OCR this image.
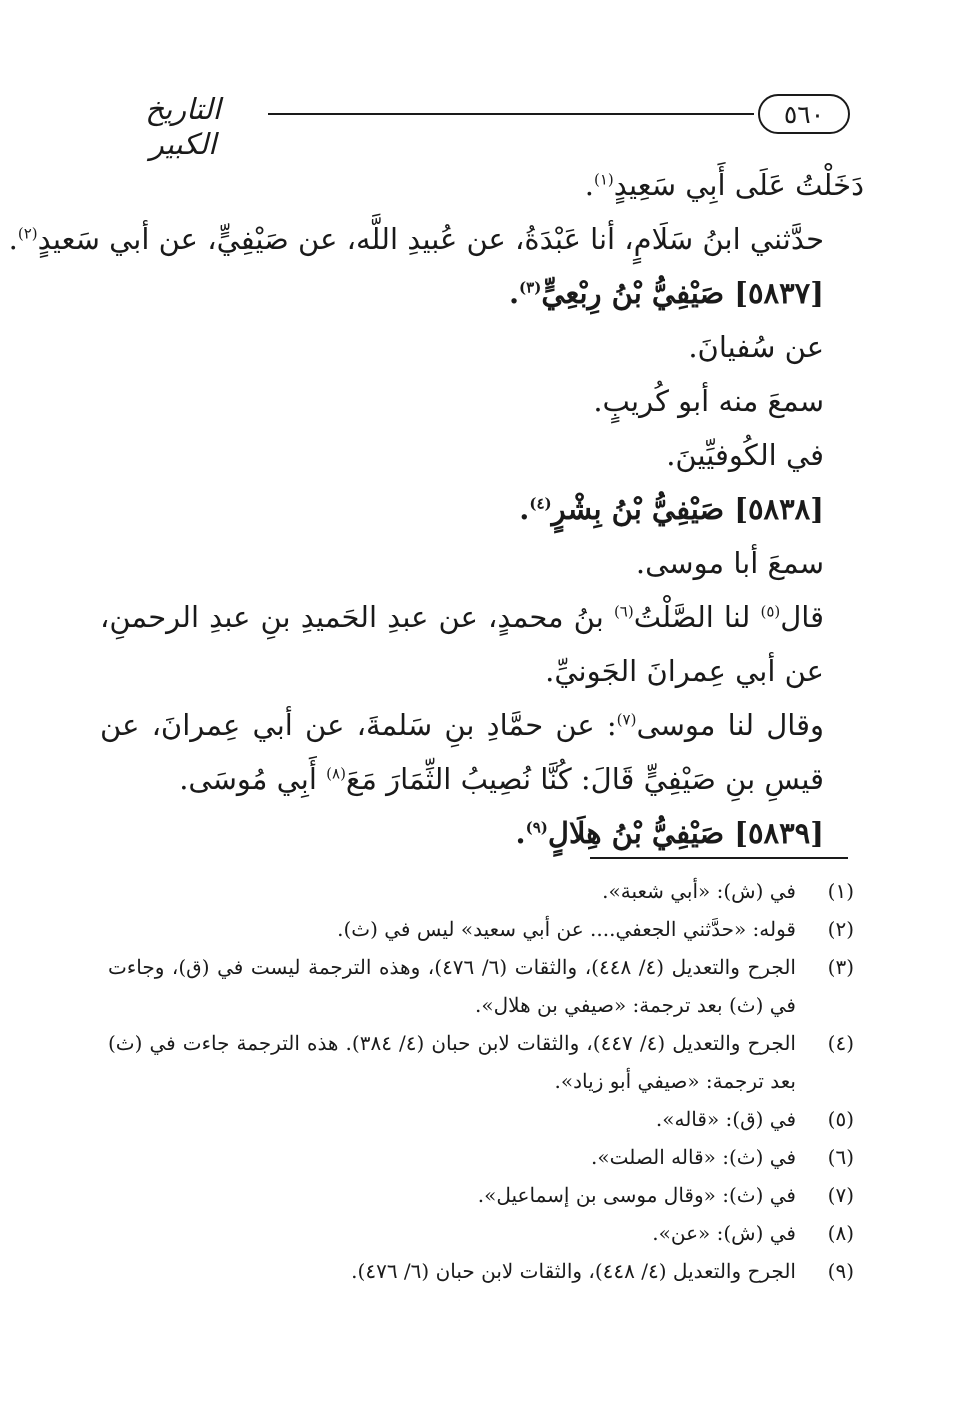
٥٦٠
التاريخ الكبير

دَخَلْتُ عَلَى أَبِي سَعِيدٍ$^{(١)}$.

حدَّثني ابنُ سَلَامٍ، أنا عَبْدَةُ، عن عُبيدِ اللَّه، عن صَيْفِيٍّ، عن أبي سَعيدٍ$^{(٢)}$.

[٥٨٣٧] صَيْفِيُّ بْنُ رِبْعِيٍّ$^{(٣)}$.

عن سُفيانَ.

سمعَ منه أبو كُريبٍ.

في الكُوفيِّينَ.

[٥٨٣٨] صَيْفِيُّ بْنُ بِشْرٍ$^{(٤)}$.

سمعَ أبا موسى.

قال$^{(٥)}$ لنا الصَّلْتُ$^{(٦)}$ بنُ محمدٍ، عن عبدِ الحَميدِ بنِ عبدِ الرحمنِ، عن أبي عِمرانَ الجَونيِّ.

وقال لنا موسى$^{(٧)}$: عن حمَّادِ بنِ سَلمةَ، عن أبي عِمرانَ، عن قيسِ بنِ صَيْفِيٍّ قَالَ: كُنَّا نُصِيبُ الثِّمَارَ مَعَ$^{(٨)}$ أَبِي مُوسَى.

[٥٨٣٩] صَيْفِيُّ بْنُ هِلَالٍ$^{(٩)}$.

(١)
في (ش): «أبي شعبة».
(٢)
قوله: «حدَّثني الجعفي.... عن أبي سعيد» ليس في (ث).
(٣)
الجرح والتعديل (٤/ ٤٤٨)، والثقات (٦/ ٤٧٦)، وهذه الترجمة ليست في (ق)، وجاءت في (ث) بعد ترجمة: «صيفي بن هلال».
(٤)
الجرح والتعديل (٤/ ٤٤٧)، والثقات لابن حبان (٤/ ٣٨٤). هذه الترجمة جاءت في (ث) بعد ترجمة: «صيفي أبو زياد».
(٥)
في (ق): «قاله».
(٦)
في (ث): «قاله الصلت».
(٧)
في (ث): «وقال موسى بن إسماعيل».
(٨)
في (ش): «عن».
(٩)
الجرح والتعديل (٤/ ٤٤٨)، والثقات لابن حبان (٦/ ٤٧٦).
